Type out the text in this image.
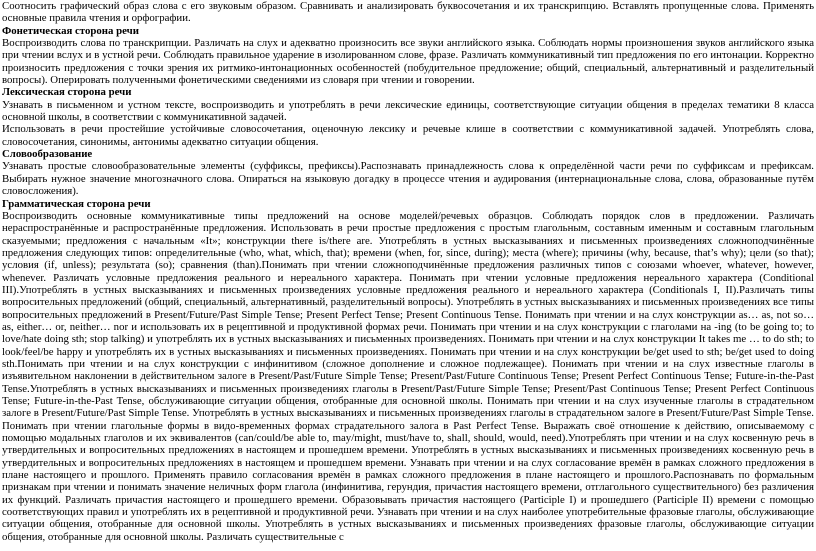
Соотносить графический образ слова с его звуковым образом. Сравнивать и анализировать буквосочетания и их транскрипцию. Вставлять пропущенные слова. Применять основные правила чтения и орфографии.

Фонетическая сторона речи

Воспроизводить слова по транскрипции. Различать на слух и адекватно произносить все звуки английского языка. Соблюдать нормы произношения звуков английского языка при чтении вслух и в устной речи. Соблюдать правильное ударение в изолированном слове, фразе. Различать коммуникативный тип предложения по его интонации. Корректно произносить предложения с точки зрения их ритмико-интонационных особенностей (побудительное предложение; общий, специальный, альтернативный и разделительный вопросы). Оперировать полученными фонетическими сведениями из словаря при чтении и говорении.

Лексическая сторона речи

Узнавать в письменном и устном тексте, воспроизводить и употреблять в речи лексические единицы, соответствующие ситуации общения в пределах тематики 8 класса основной школы, в соответствии с коммуникативной задачей.

Использовать в речи простейшие устойчивые словосочетания, оценочную лексику и речевые клише в соответствии с коммуникативной задачей. Употреблять слова, словосочетания, синонимы, антонимы адекватно ситуации общения.

Словообразование

Узнавать простые словообразовательные элементы (суффиксы, префиксы).Распознавать принадлежность слова к определённой части речи по суффиксам и префиксам. Выбирать нужное значение многозначного слова. Опираться на языковую догадку в процессе чтения и аудирования (интернациональные слова, слова, образованные путём словосложения).

Грамматическая сторона речи

Воспроизводить основные коммуникативные типы предложений на основе моделей/речевых образцов. Соблюдать порядок слов в предложении. Различать нераспространённые и распространённые предложения. Использовать в речи простые предложения с простым глагольным, составным именным и составным глагольным сказуемыми; предложения с начальным «It»; конструкции there is/there are. Употреблять в устных высказываниях и письменных произведениях сложноподчинённые предложения следующих типов: определительные (who, what, which, that); времени (when, for, since, during); места (where); причины (why, because, that’s why); цели (so that); условия (if, unless); результата (so); сравнения (than).Понимать при чтении сложноподчинённые предложения различных типов с союзами whoever, whatever, however, whenever. Различать условные предложения реального и нереального характера. Понимать при чтении условные предложения нереального характера (Conditional III).Употреблять в устных высказываниях и письменных произведениях условные предложения реального и нереального характера (Conditionals I, II).Различать типы вопросительных предложений (общий, специальный, альтернативный, разделительный вопросы). Употреблять в устных высказываниях и письменных произведениях все типы вопросительных предложений в Present/Future/Past Simple Tense; Present Perfect Tense; Present Continuous Tense. Понимать при чтении и на слух конструкции as… as, not so… as, either… or, neither… nor и использовать их в рецептивной и продуктивной формах речи. Понимать при чтении и на слух конструкции с глаголами на -ing (to be going to; to love/hate doing sth; stop talking) и употреблять их в устных высказываниях и письменных произведениях. Понимать при чтении и на слух конструкции It takes me … to do sth; to look/feel/be happy и употреблять их в устных высказываниях и письменных произведениях. Понимать при чтении и на слух конструкции be/get used to sth; be/get used to doing sth.Понимать при чтении и на слух конструкции с инфинитивом (сложное дополнение и сложное подлежащее). Понимать при чтении и на слух известные глаголы в изъявительном наклонении в действительном залоге в Present/Past/Future Simple Tense; Present/Past/Future Continuous Tense; Present Perfect Continuous Tense; Future-in-the-Past Tense.Употреблять в устных высказываниях и письменных произведениях глаголы в Present/Past/Future Simple Tense; Present/Past Continuous Tense; Present Perfect Continuous Tense; Future-in-the-Past Tense, обслуживающие ситуации общения, отобранные для основной школы. Понимать при чтении и на слух изученные глаголы в страдательном залоге в Present/Future/Past Simple Tense. Употреблять в устных высказываниях и письменных произведениях глаголы в страдательном залоге в Present/Future/Past Simple Tense. Понимать при чтении глагольные формы в видо-временных формах страдательного залога в Past Perfect Tense. Выражать своё отношение к действию, описываемому с помощью модальных глаголов и их эквивалентов (can/could/be able to, may/might, must/have to, shall, should, would, need).Употреблять при чтении и на слух косвенную речь в утвердительных и вопросительных предложениях в настоящем и прошедшем времени. Употреблять в устных высказываниях и письменных произведениях косвенную речь в утвердительных и вопросительных предложениях в настоящем и прошедшем времени. Узнавать при чтении и на слух согласование времён в рамках сложного предложения в плане настоящего и прошлого. Применять правило согласования времён в рамках сложного предложения в плане настоящего и прошлого.Распознавать по формальным признакам при чтении и понимать значение неличных форм глагола (инфинитива, герундия, причастия настоящего времени, отглагольного существительного) без различения их функций. Различать причастия настоящего и прошедшего времени. Образовывать причастия настоящего (Participle I) и прошедшего (Participle II) времени с помощью соответствующих правил и употреблять их в рецептивной и продуктивной речи. Узнавать при чтении и на слух наиболее употребительные фразовые глаголы, обслуживающие ситуации общения, отобранные для основной школы. Употреблять в устных высказываниях и письменных произведениях фразовые глаголы, обслуживающие ситуации общения, отобранные для основной школы. Различать существительные с
